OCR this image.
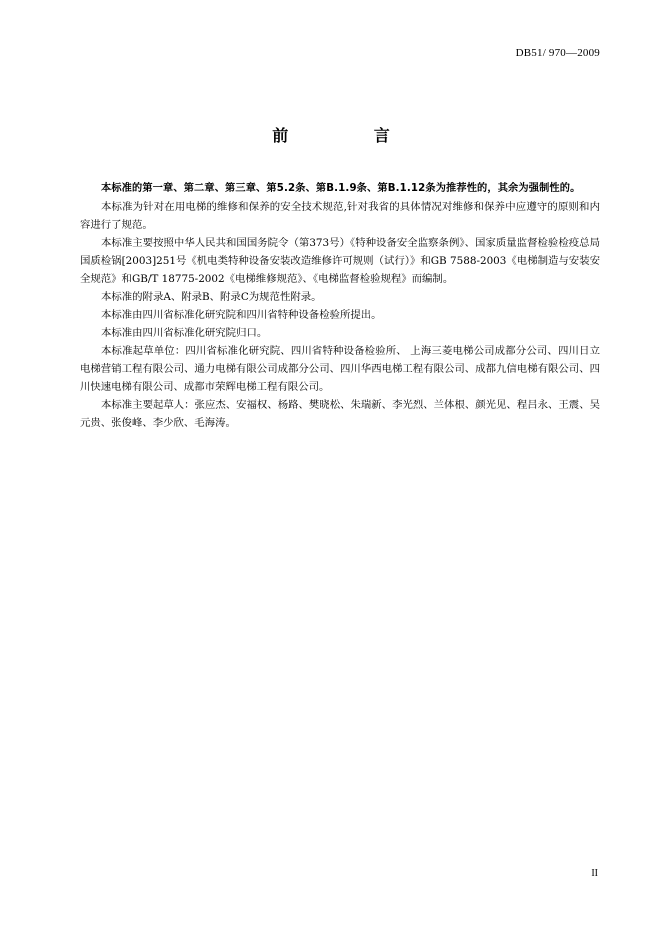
DB51/ 970—2009
前 言

本标准的第一章、第二章、第三章、第5.2条、第B.1.9条、第B.1.12条为推荐性的，其余为强制性的。

本标准为针对在用电梯的维修和保养的安全技术规范,针对我省的具体情况对维修和保养中应遵守的原则和内容进行了规范。

本标准主要按照中华人民共和国国务院令（第373号）《特种设备安全监察条例》、国家质量监督检验检疫总局 国质检锅[2003]251号《机电类特种设备安装改造维修许可规则（试行）》和GB 7588-2003《电梯制造与安装安全规范》和GB/T 18775-2002《电梯维修规范》、《电梯监督检验规程》而编制。

本标准的附录A、附录B、附录C为规范性附录。

本标准由四川省标准化研究院和四川省特种设备检验所提出。

本标准由四川省标准化研究院归口。

本标准起草单位：四川省标准化研究院、四川省特种设备检验所、 上海三菱电梯公司成都分公司、四川日立电梯营销工程有限公司、通力电梯有限公司成都分公司、四川华西电梯工程有限公司、成都九信电梯有限公司、四川快速电梯有限公司、成都市荣辉电梯工程有限公司。

本标准主要起草人：张应杰、安福权、杨路、樊晓松、朱瑞新、李光烈、兰体根、颜光见、程吕永、王震、吴元贵、张俊峰、李少欣、毛海涛。

II
